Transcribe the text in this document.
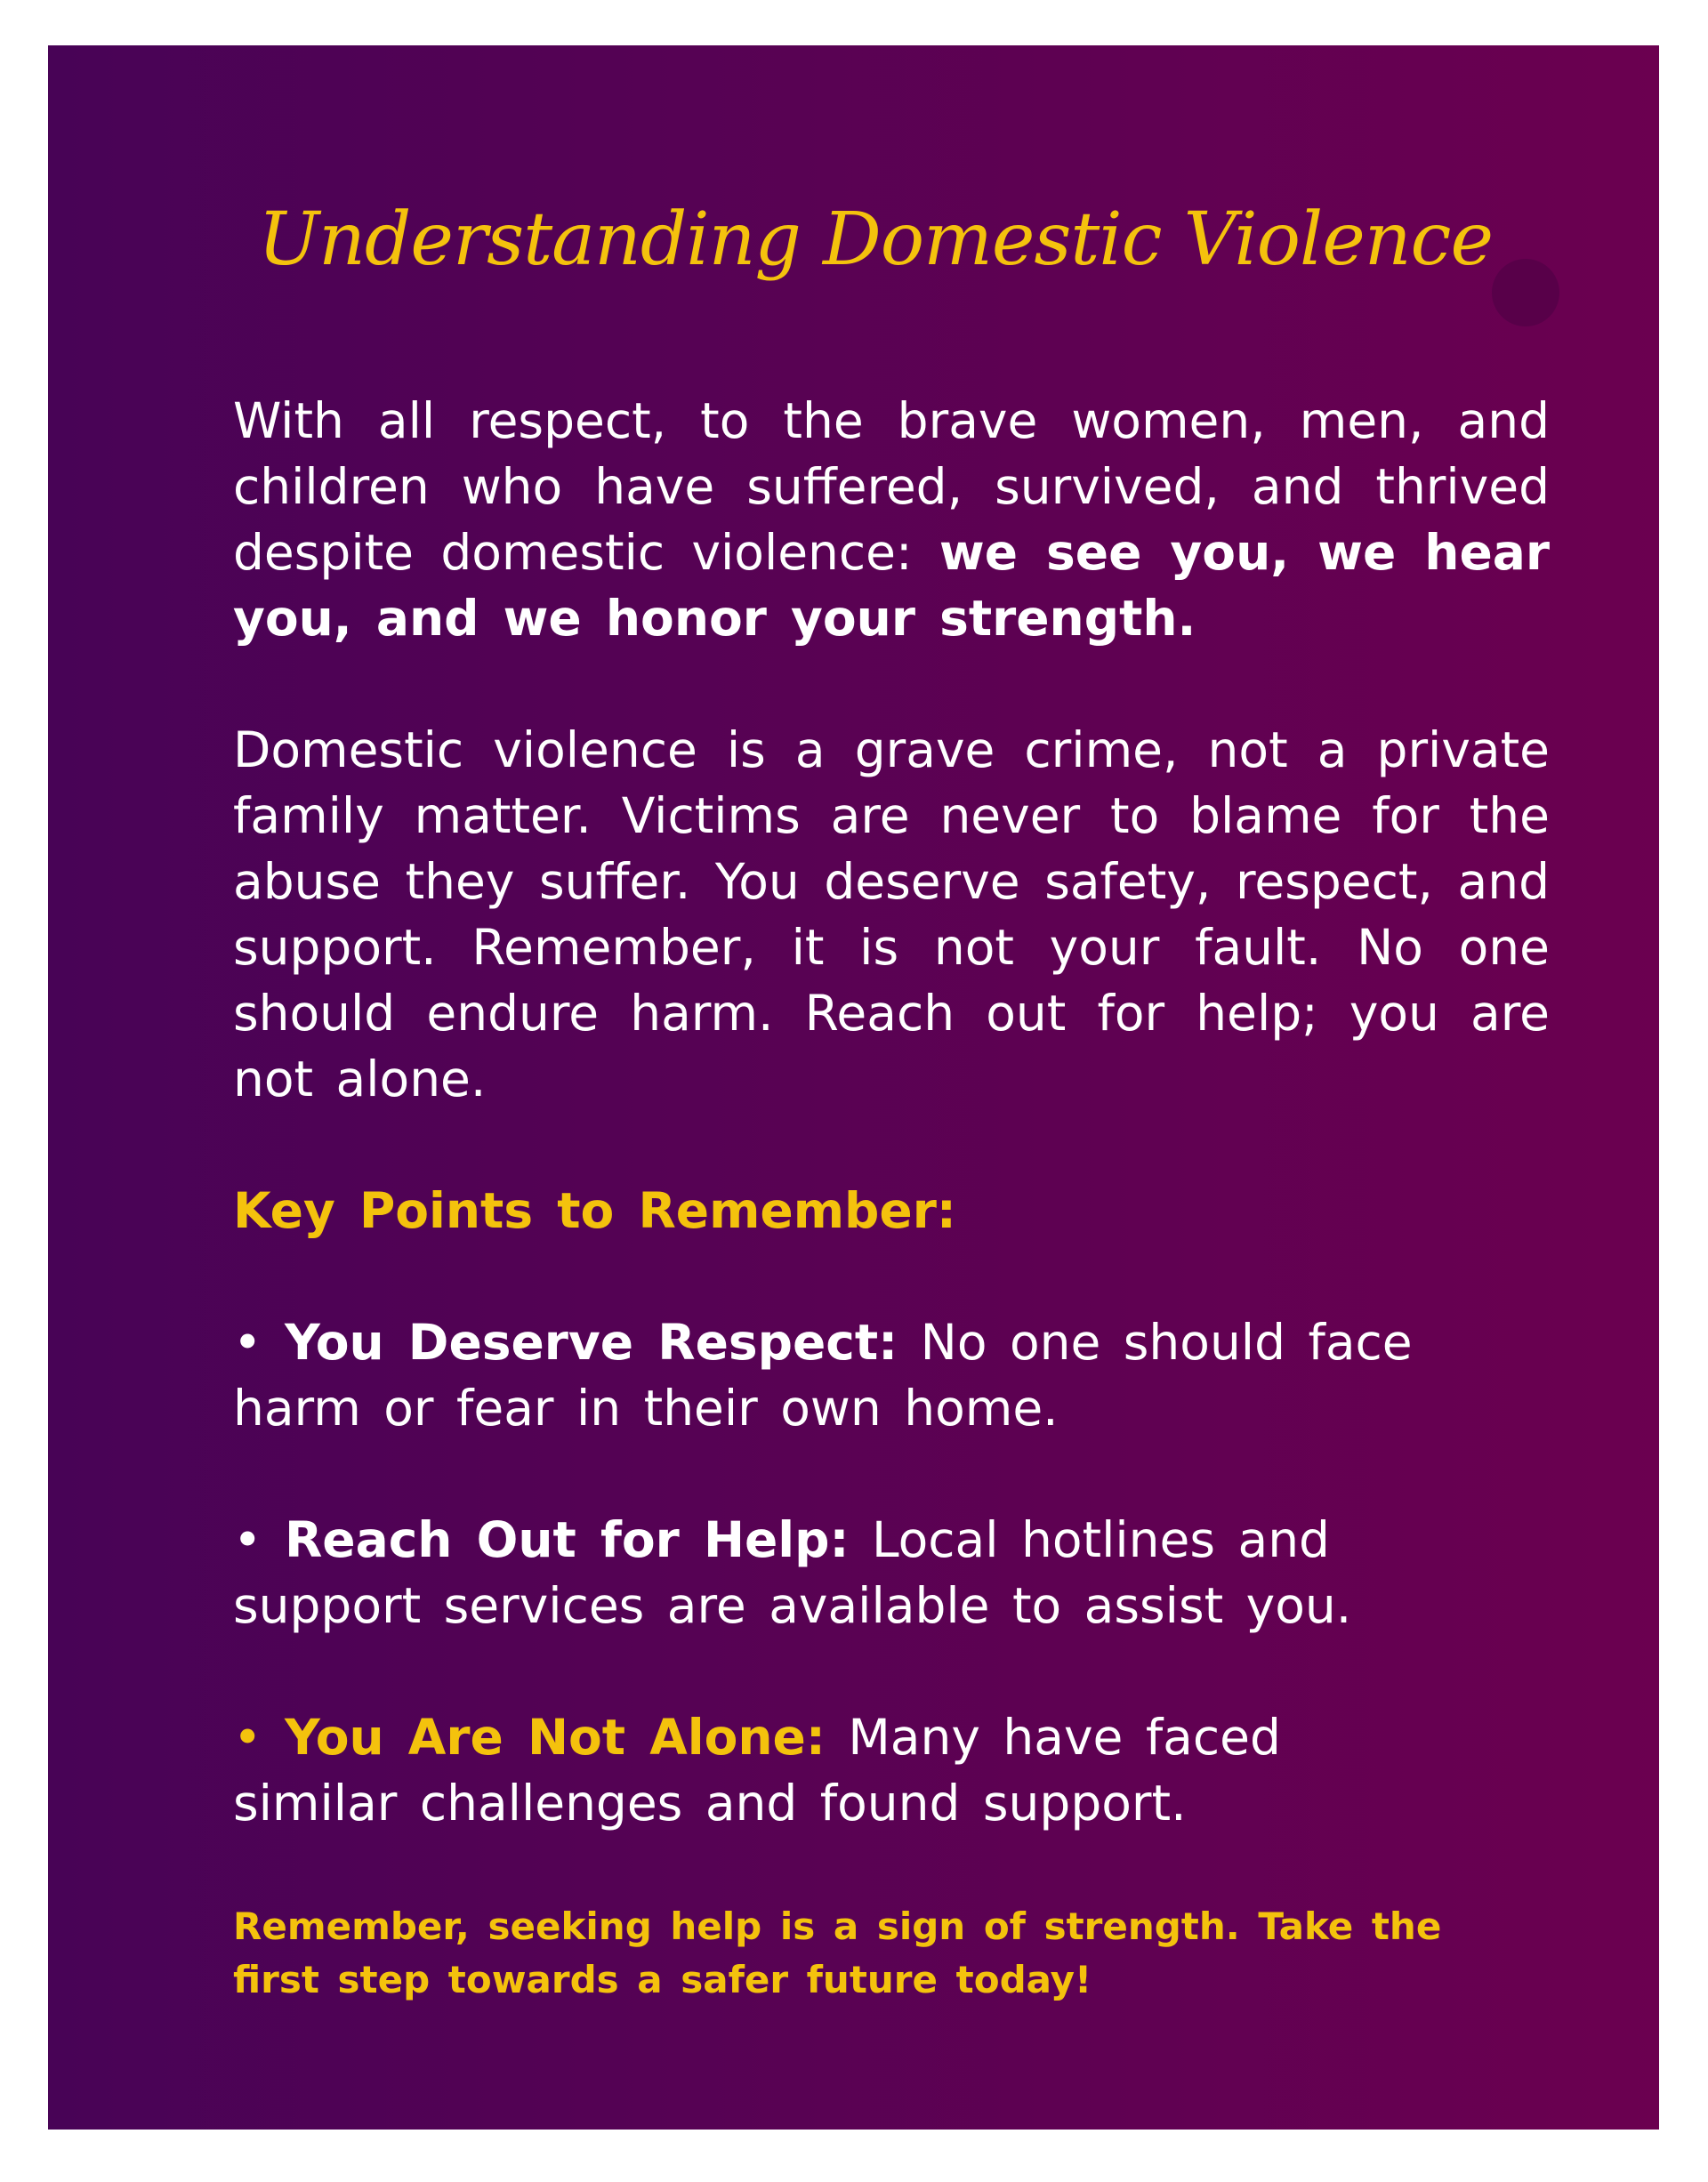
Understanding Domestic Violence

With all respect, to the brave women, men, and children who have suffered, survived, and thrived despite domestic violence: we see you, we hear you, and we honor your strength.

Domestic violence is a grave crime, not a private family matter. Victims are never to blame for the abuse they suffer. You deserve safety, respect, and support. Remember, it is not your fault. No one should endure harm. Reach out for help; you are not alone.

Key Points to Remember:

• You Deserve Respect: No one should face harm or fear in their own home.

• Reach Out for Help: Local hotlines and support services are available to assist you.

• You Are Not Alone: Many have faced similar challenges and found support.

Remember, seeking help is a sign of strength. Take the first step towards a safer future today!
